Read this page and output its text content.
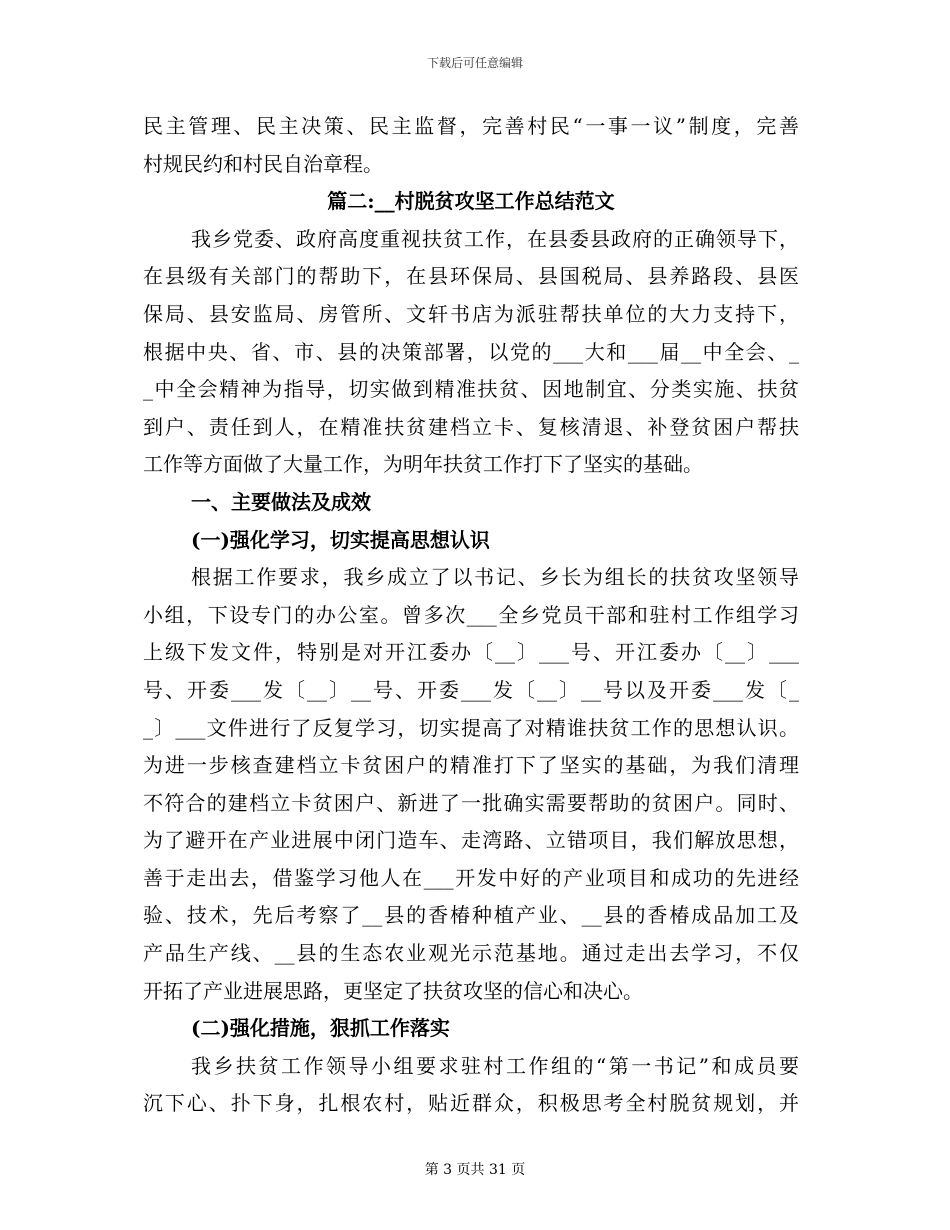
下载后可任意编辑
民主管理、民主决策、民主监督，完善村民“一事一议”制度，完善
村规民约和村民自治章程。
篇二:__村脱贫攻坚工作总结范文
我乡党委、政府高度重视扶贫工作，在县委县政府的正确领导下，
在县级有关部门的帮助下，在县环保局、县国税局、县养路段、县医
保局、县安监局、房管所、文轩书店为派驻帮扶单位的大力支持下，
根据中央、省、市、县的决策部署，以党的___大和___届__中全会、_
_中全会精神为指导，切实做到精准扶贫、因地制宜、分类实施、扶贫
到户、责任到人，在精准扶贫建档立卡、复核清退、补登贫困户帮扶
工作等方面做了大量工作，为明年扶贫工作打下了坚实的基础。
一、主要做法及成效
(一)强化学习，切实提高思想认识
根据工作要求，我乡成立了以书记、乡长为组长的扶贫攻坚领导
小组，下设专门的办公室。曾多次___全乡党员干部和驻村工作组学习
上级下发文件，特别是对开江委办〔__〕___号、开江委办〔__〕___
号、开委___发〔__〕__号、开委___发〔__〕__号以及开委___发〔_
_〕___文件进行了反复学习，切实提高了对精谁扶贫工作的思想认识。
为进一步核查建档立卡贫困户的精准打下了坚实的基础，为我们清理
不符合的建档立卡贫困户、新进了一批确实需要帮助的贫困户。同时、
为了避开在产业进展中闭门造车、走湾路、立错项目，我们解放思想，
善于走出去，借鉴学习他人在___开发中好的产业项目和成功的先进经
验、技术，先后考察了__县的香椿种植产业、__县的香椿成品加工及
产品生产线、__县的生态农业观光示范基地。通过走出去学习，不仅
开拓了产业进展思路，更坚定了扶贫攻坚的信心和决心。
(二)强化措施，狠抓工作落实
我乡扶贫工作领导小组要求驻村工作组的“第一书记”和成员要
沉下心、扑下身，扎根农村，贴近群众，积极思考全村脱贫规划，并
第 3 页共 31 页
